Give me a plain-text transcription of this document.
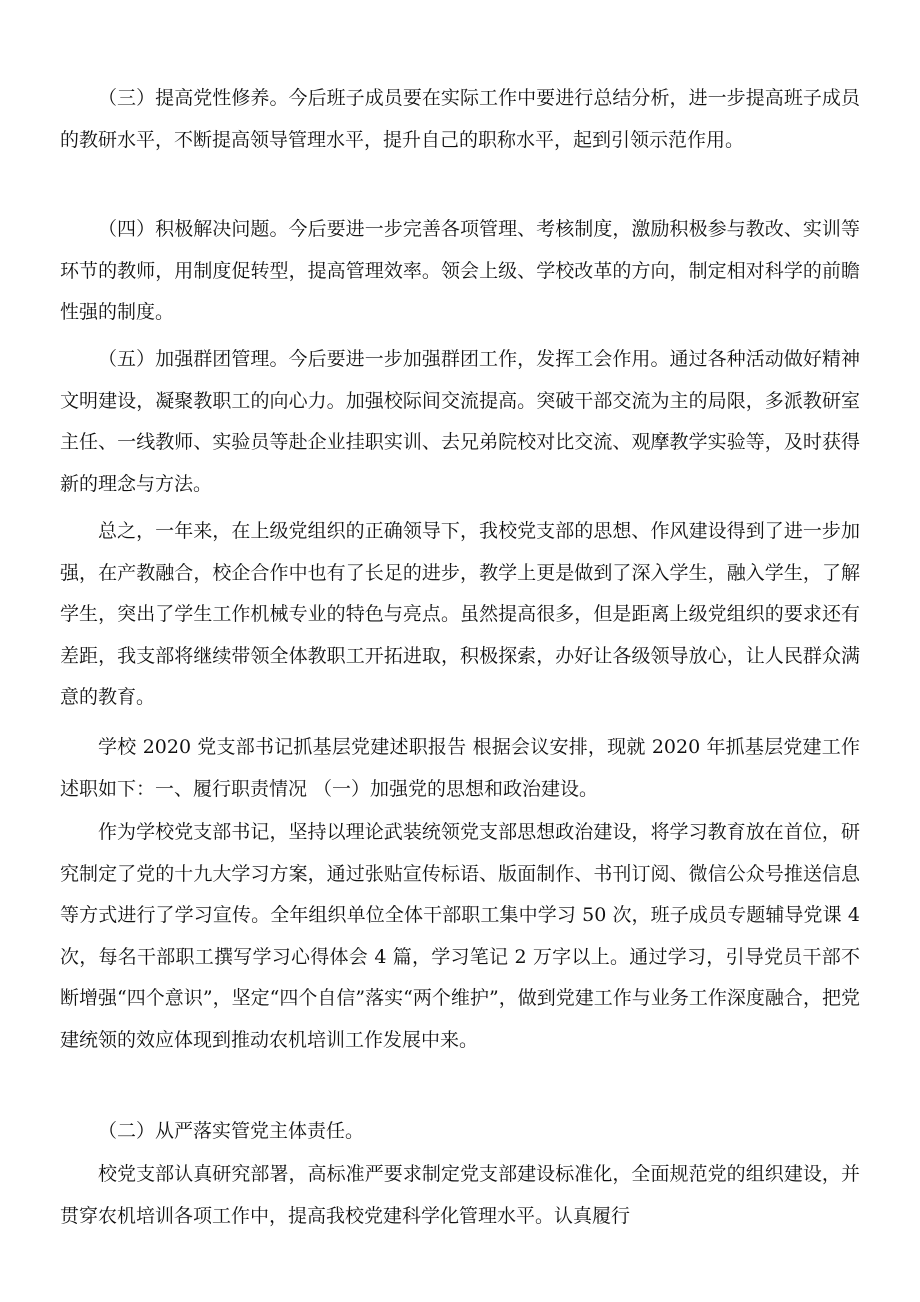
（三）提高党性修养。今后班子成员要在实际工作中要进行总结分析，进一步提高班子成员的教研水平，不断提高领导管理水平，提升自己的职称水平，起到引领示范作用。

（四）积极解决问题。今后要进一步完善各项管理、考核制度，激励积极参与教改、实训等环节的教师，用制度促转型，提高管理效率。领会上级、学校改革的方向，制定相对科学的前瞻性强的制度。

（五）加强群团管理。今后要进一步加强群团工作，发挥工会作用。通过各种活动做好精神文明建设，凝聚教职工的向心力。加强校际间交流提高。突破干部交流为主的局限，多派教研室主任、一线教师、实验员等赴企业挂职实训、去兄弟院校对比交流、观摩教学实验等，及时获得新的理念与方法。

总之，一年来，在上级党组织的正确领导下，我校党支部的思想、作风建设得到了进一步加强，在产教融合，校企合作中也有了长足的进步，教学上更是做到了深入学生，融入学生，了解学生，突出了学生工作机械专业的特色与亮点。虽然提高很多，但是距离上级党组织的要求还有差距，我支部将继续带领全体教职工开拓进取，积极探索，办好让各级领导放心，让人民群众满意的教育。

学校 2020 党支部书记抓基层党建述职报告 根据会议安排，现就 2020 年抓基层党建工作述职如下：一、履行职责情况 （一）加强党的思想和政治建设。

作为学校党支部书记，坚持以理论武装统领党支部思想政治建设，将学习教育放在首位，研究制定了党的十九大学习方案，通过张贴宣传标语、版面制作、书刊订阅、微信公众号推送信息等方式进行了学习宣传。全年组织单位全体干部职工集中学习 50 次，班子成员专题辅导党课 4 次，每名干部职工撰写学习心得体会 4 篇，学习笔记 2 万字以上。通过学习，引导党员干部不断增强“四个意识”，坚定“四个自信”落实“两个维护”，做到党建工作与业务工作深度融合，把党建统领的效应体现到推动农机培训工作发展中来。

（二）从严落实管党主体责任。

校党支部认真研究部署，高标准严要求制定党支部建设标准化，全面规范党的组织建设，并贯穿农机培训各项工作中，提高我校党建科学化管理水平。认真履行
